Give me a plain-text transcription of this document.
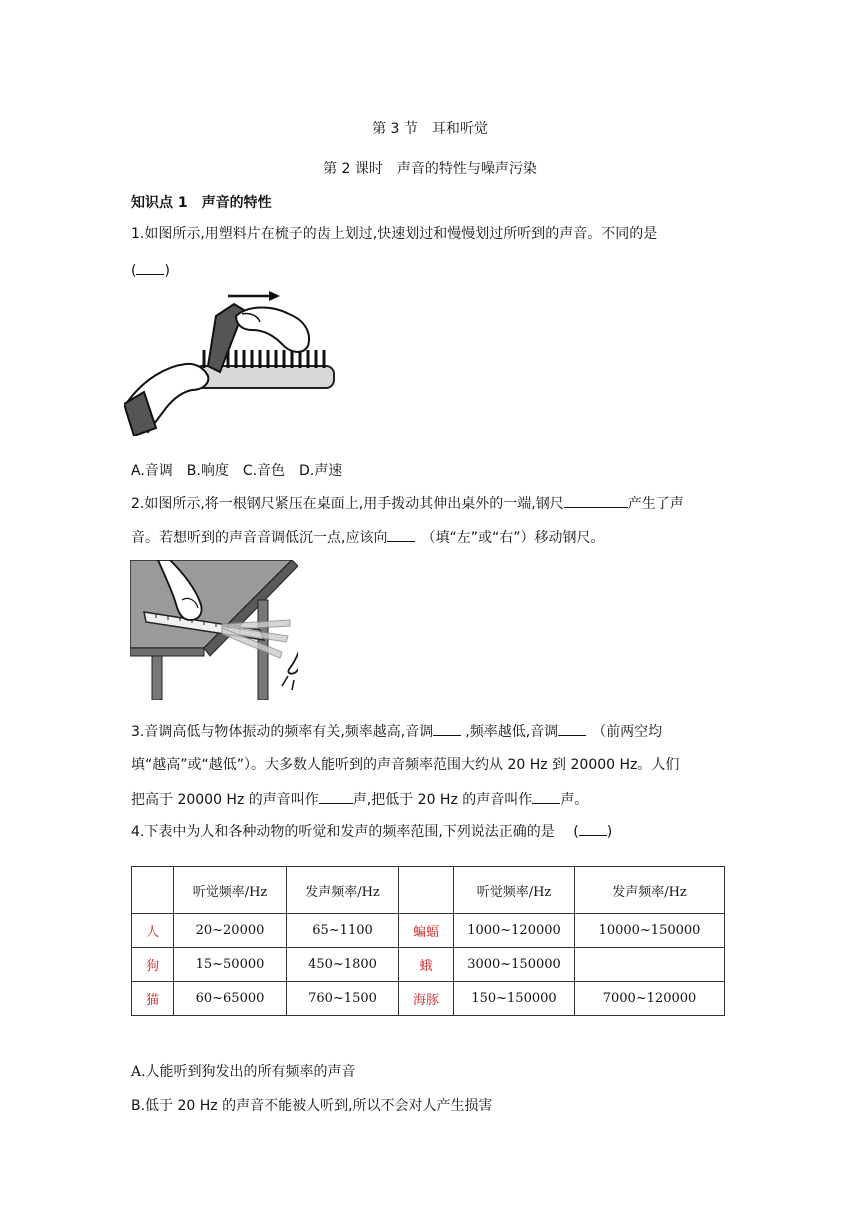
第 3 节　耳和听觉
第 2 课时　声音的特性与噪声污染
知识点 1　声音的特性
1.如图所示,用塑料片在梳子的齿上划过,快速划过和慢慢划过所听到的声音。不同的是
( )
A.音调　B.响度　C.音色　D.声速
2.如图所示,将一根钢尺紧压在桌面上,用手拨动其伸出桌外的一端,钢尺	产生了声
音。若想听到的声音音调低沉一点,应该向 （填“左”或“右”）移动钢尺。
3.音调高低与物体振动的频率有关,频率越高,音调 ,频率越低,音调 （前两空均
填“越高”或“越低”）。大多数人能听到的声音频率范围大约从 20 Hz 到 20000 Hz。人们
把高于 20000 Hz 的声音叫作 声,把低于 20 Hz 的声音叫作 声。
4.下表中为人和各种动物的听觉和发声的频率范围,下列说法正确的是　 ( )
	听觉频率/Hz	发声频率/Hz		听觉频率/Hz	发声频率/Hz
人	20~20000	65~1100	蝙蝠	1000~120000	10000~150000
狗	15~50000	450~1800	蛾	3000~150000	
猫	60~65000	760~1500	海豚	150~150000	7000~120000
A.人能听到狗发出的所有频率的声音
B.低于 20 Hz 的声音不能被人听到,所以不会对人产生损害
